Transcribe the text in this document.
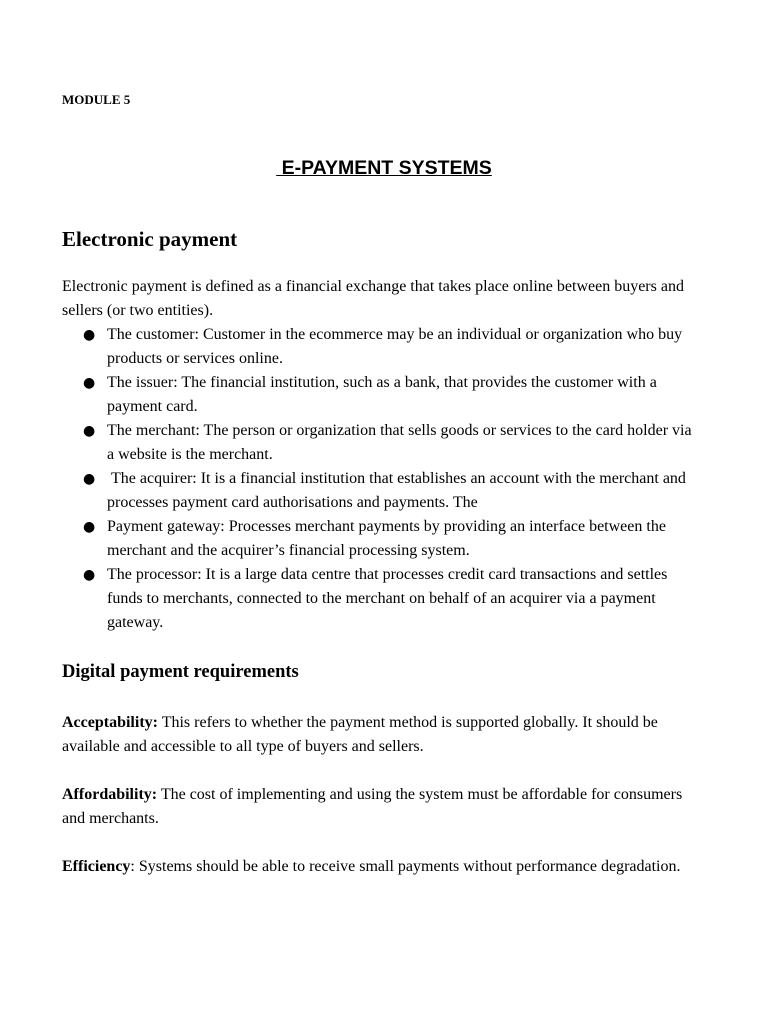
MODULE 5
E-PAYMENT SYSTEMS
Electronic payment
Electronic payment is defined as a financial exchange that takes place online between buyers and sellers (or two entities).
● The customer: Customer in the ecommerce may be an individual or organization who buy products or services online.
● The issuer: The financial institution, such as a bank, that provides the customer with a payment card.
● The merchant: The person or organization that sells goods or services to the card holder via a website is the merchant.
● The acquirer: It is a financial institution that establishes an account with the merchant and processes payment card authorisations and payments. The
● Payment gateway: Processes merchant payments by providing an interface between the merchant and the acquirer’s financial processing system.
● The processor: It is a large data centre that processes credit card transactions and settles funds to merchants, connected to the merchant on behalf of an acquirer via a payment gateway.
Digital payment requirements
Acceptability: This refers to whether the payment method is supported globally. It should be available and accessible to all type of buyers and sellers.
Affordability: The cost of implementing and using the system must be affordable for consumers and merchants.
Efficiency: Systems should be able to receive small payments without performance degradation.
